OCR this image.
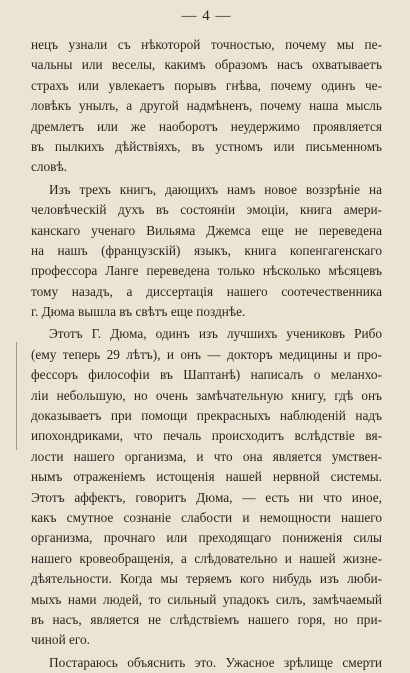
— 4 —
нецъ узнали съ нѣкоторой точностью, почему мы пе-
чальны или веселы, какимъ образомъ насъ охватываетъ
страхъ или увлекаетъ порывъ гнѣва, почему одинъ че-
ловѣкъ унылъ, а другой надмѣненъ, почему наша мысль
дремлетъ или же наоборотъ неудержимо проявляется
въ пылкихъ дѣйствіяхъ, въ устномъ или письменномъ
словѣ.
Изъ трехъ книгъ, дающихъ намъ новое воззрѣніе на
человѣческій духъ въ состояніи эмоціи, книга амери-
канскаго ученаго Вильяма Джемса еще не переведена
на нашъ (французскій) языкъ, книга копенгагенскаго
профессора Ланге переведена только нѣсколько мѣсяцевъ
тому назадъ, а диссертація нашего соотечественника
г. Дюма вышла въ свѣтъ еще позднѣе.
Этотъ Г. Дюма, одинъ изъ лучшихъ учениковъ Рибо
(ему теперь 29 лѣтъ), и онъ — докторъ медицины и про-
фессоръ философіи въ Шаптанѣ) написалъ о меланхо-
ліи небольшую, но очень замѣчательную книгу, гдѣ онъ
доказываетъ при помощи прекрасныхъ наблюденій надъ
ипохондриками, что печаль происходитъ вслѣдствіе вя-
лости нашего организма, и что она является умствен-
нымъ отраженіемъ истощенія нашей нервной системы.
Этотъ аффектъ, говоритъ Дюма, — есть ни что иное,
какъ смутное сознаніе слабости и немощности нашего
организма, прочнаго или преходящаго пониженія силы
нашего кровеобращенія, а слѣдовательно и нашей жизне-
дѣятельности. Когда мы теряемъ кого нибудь изъ люби-
мыхъ нами людей, то сильный упадокъ силъ, замѣчаемый
въ насъ, является не слѣдствіемъ нашего горя, но при-
чиной его.
Постараюсь объяснить это. Ужасное зрѣлище смерти
